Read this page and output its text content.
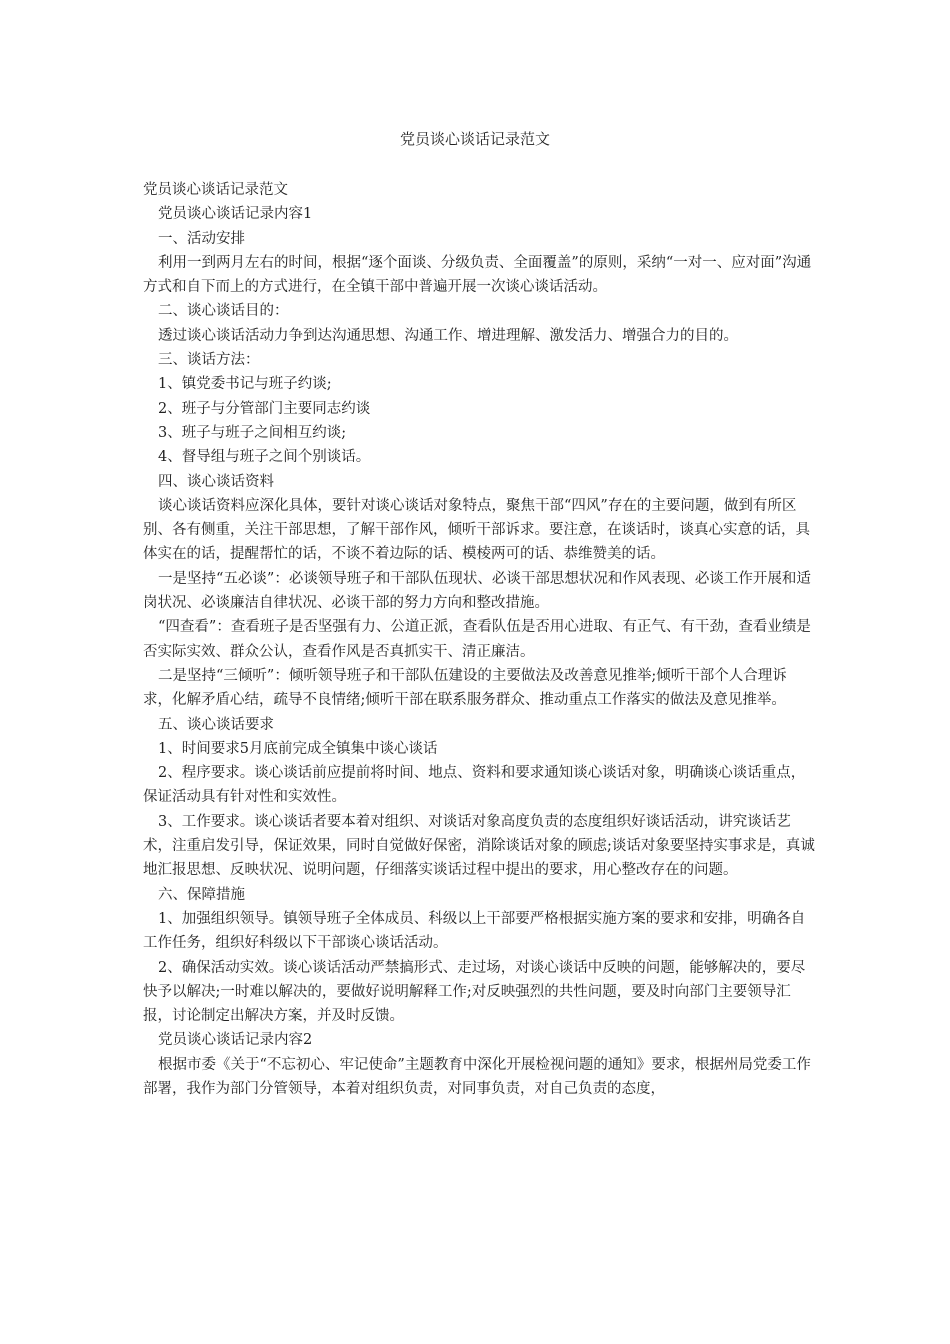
党员谈心谈话记录范文

党员谈心谈话记录范文

党员谈心谈话记录内容1

一、活动安排

利用一到两月左右的时间，根据“逐个面谈、分级负责、全面覆盖”的原则，采纳“一对一、应对面”沟通方式和自下而上的方式进行，在全镇干部中普遍开展一次谈心谈话活动。

二、谈心谈话目的：

透过谈心谈话活动力争到达沟通思想、沟通工作、增进理解、激发活力、增强合力的目的。

三、谈话方法：

1、镇党委书记与班子约谈;

2、班子与分管部门主要同志约谈

3、班子与班子之间相互约谈;

4、督导组与班子之间个别谈话。

四、谈心谈话资料

谈心谈话资料应深化具体，要针对谈心谈话对象特点，聚焦干部“四风”存在的主要问题，做到有所区别、各有侧重，关注干部思想，了解干部作风，倾听干部诉求。要注意，在谈话时，谈真心实意的话，具体实在的话，提醒帮忙的话，不谈不着边际的话、模棱两可的话、恭维赞美的话。

一是坚持“五必谈”：必谈领导班子和干部队伍现状、必谈干部思想状况和作风表现、必谈工作开展和适岗状况、必谈廉洁自律状况、必谈干部的努力方向和整改措施。

“四查看”：查看班子是否坚强有力、公道正派，查看队伍是否用心进取、有正气、有干劲，查看业绩是否实际实效、群众公认，查看作风是否真抓实干、清正廉洁。

二是坚持“三倾听”：倾听领导班子和干部队伍建设的主要做法及改善意见推举;倾听干部个人合理诉求，化解矛盾心结，疏导不良情绪;倾听干部在联系服务群众、推动重点工作落实的做法及意见推举。

五、谈心谈话要求

1、时间要求5月底前完成全镇集中谈心谈话

2、程序要求。谈心谈话前应提前将时间、地点、资料和要求通知谈心谈话对象，明确谈心谈话重点，保证活动具有针对性和实效性。

3、工作要求。谈心谈话者要本着对组织、对谈话对象高度负责的态度组织好谈话活动，讲究谈话艺术，注重启发引导，保证效果，同时自觉做好保密，消除谈话对象的顾虑;谈话对象要坚持实事求是，真诚地汇报思想、反映状况、说明问题，仔细落实谈话过程中提出的要求，用心整改存在的问题。

六、保障措施

1、加强组织领导。镇领导班子全体成员、科级以上干部要严格根据实施方案的要求和安排，明确各自工作任务，组织好科级以下干部谈心谈话活动。

2、确保活动实效。谈心谈话活动严禁搞形式、走过场，对谈心谈话中反映的问题，能够解决的，要尽快予以解决;一时难以解决的，要做好说明解释工作;对反映强烈的共性问题，要及时向部门主要领导汇报，讨论制定出解决方案，并及时反馈。

党员谈心谈话记录内容2

根据市委《关于“不忘初心、牢记使命”主题教育中深化开展检视问题的通知》要求，根据州局党委工作部署，我作为部门分管领导，本着对组织负责，对同事负责，对自己负责的态度，
